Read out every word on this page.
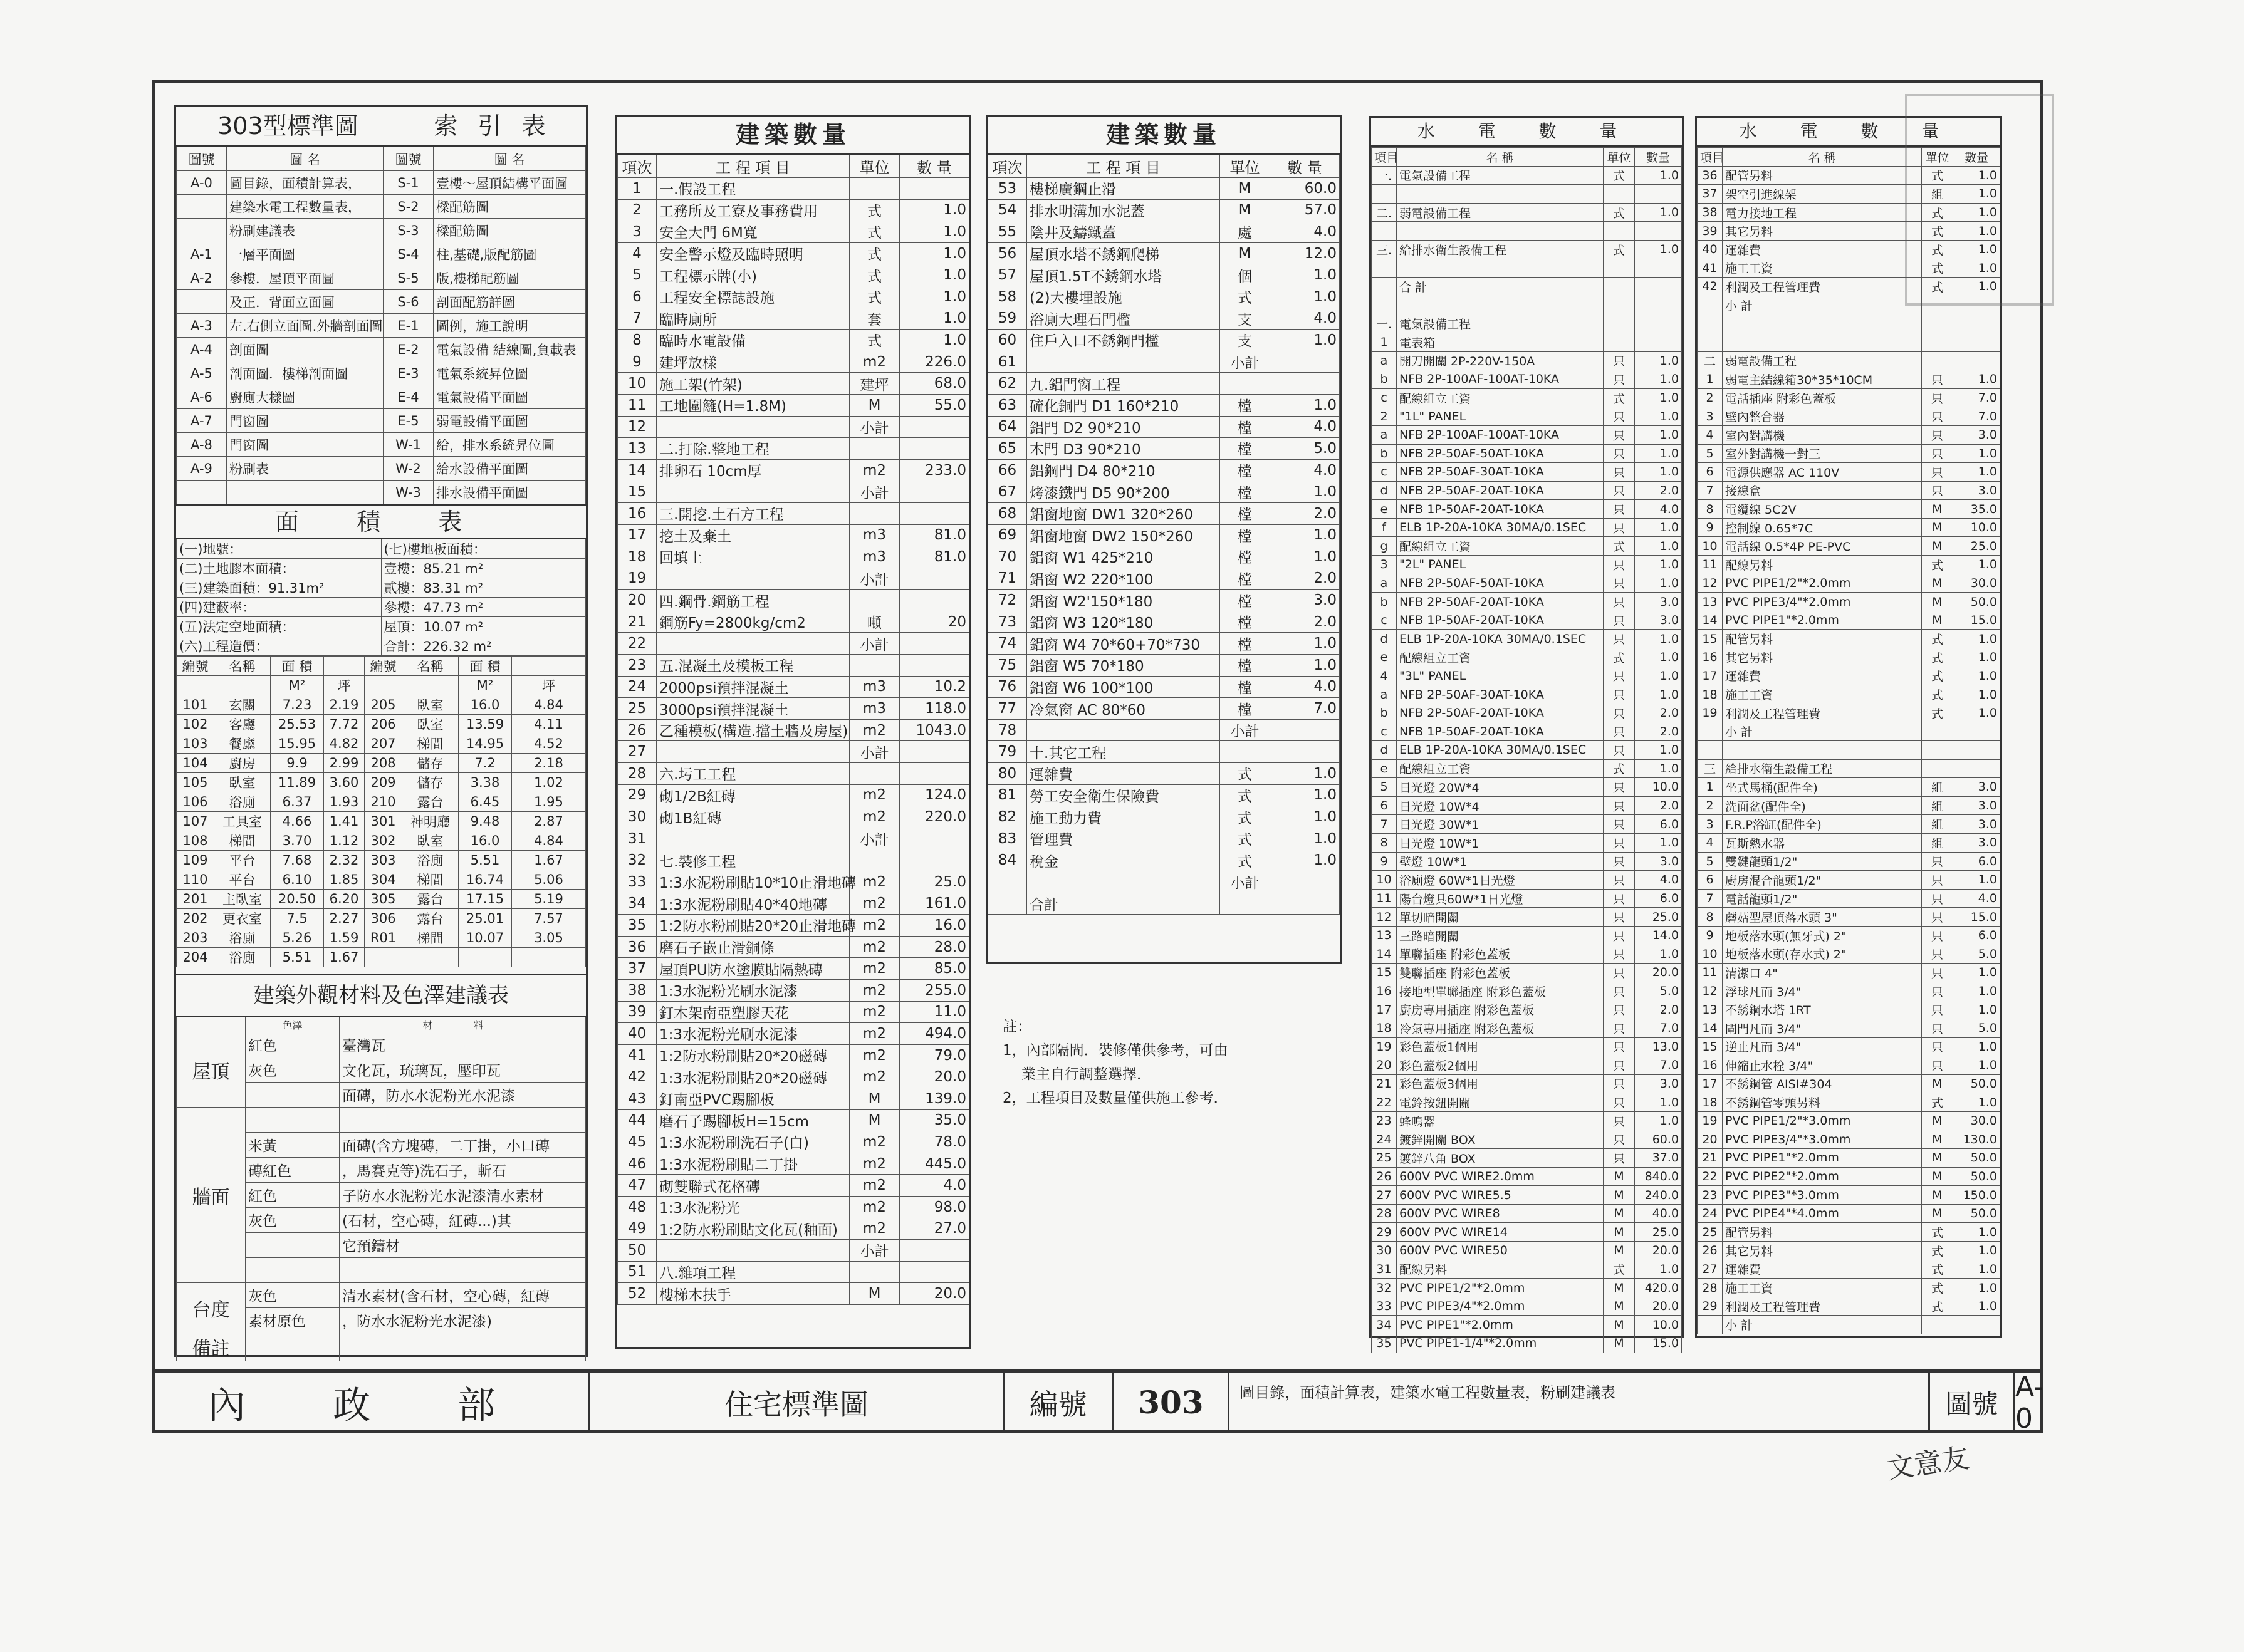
303型標準圖	索 引 表
圖號	圖 名	圖號	圖 名
A-0	圖目錄，面積計算表，	S-1	壹樓～屋頂結構平面圖
	建築水電工程數量表，	S-2	樑配筋圖
	粉刷建議表	S-3	樑配筋圖
A-1	一層平面圖	S-4	柱,基礎,版配筋圖
A-2	參樓．屋頂平面圖	S-5	版,樓梯配筋圖
	及正．背面立面圖	S-6	剖面配筋詳圖
A-3	左.右側立面圖.外牆剖面圖	E-1	圖例，施工說明
A-4	剖面圖	E-2	電氣設備 結線圖,負載表
A-5	剖面圖．樓梯剖面圖	E-3	電氣系統昇位圖
A-6	廚廁大樣圖	E-4	電氣設備平面圖
A-7	門窗圖	E-5	弱電設備平面圖
A-8	門窗圖	W-1	給，排水系統昇位圖
A-9	粉刷表	W-2	給水設備平面圖
		W-3	排水設備平面圖
面 積 表
(一)地號：	(七)樓地板面積：
(二)土地膠本面積：	壹樓：85.21 m²
(三)建築面積：91.31m²	貳樓：83.31 m²
(四)建蔽率：	參樓：47.73 m²
(五)法定空地面積：	屋頂：10.07 m²
(六)工程造價：	合計：226.32 m²
編號	名稱	面 積		編號	名稱	面 積	
		M²	坪			M²	坪
101	玄關	7.23	2.19	205	臥室	16.0	4.84
102	客廳	25.53	7.72	206	臥室	13.59	4.11
103	餐廳	15.95	4.82	207	梯間	14.95	4.52
104	廚房	9.9	2.99	208	儲存	7.2	2.18
105	臥室	11.89	3.60	209	儲存	3.38	1.02
106	浴廁	6.37	1.93	210	露台	6.45	1.95
107	工具室	4.66	1.41	301	神明廳	9.48	2.87
108	梯間	3.70	1.12	302	臥室	16.0	4.84
109	平台	7.68	2.32	303	浴廁	5.51	1.67
110	平台	6.10	1.85	304	梯間	16.74	5.06
201	主臥室	20.50	6.20	305	露台	17.15	5.19
202	更衣室	7.5	2.27	306	露台	25.01	7.57
203	浴廁	5.26	1.59	R01	梯間	10.07	3.05
204	浴廁	5.51	1.67				
建築外觀材料及色澤建議表
	色澤	材 料
屋頂	紅色	臺灣瓦
	灰色	文化瓦，琉璃瓦，壓印瓦
		面磚，防水水泥粉光水泥漆
牆面		
	米黃	面磚(含方塊磚，二丁掛，小口磚
	磚紅色	，馬賽克等)洗石子，斬石
	紅色	子防水水泥粉光水泥漆清水素材
	灰色	(石材，空心磚，紅磚...)其
		它預鑄材

台度	灰色	清水素材(含石材，空心磚，紅磚
	素材原色	，防水水泥粉光水泥漆)
備註		
建築數量
項次	工 程 項 目	單位	數 量
1	一.假設工程		
2	工務所及工寮及事務費用	式	1.0
3	安全大門 6M寬	式	1.0
4	安全警示燈及臨時照明	式	1.0
5	工程標示牌(小)	式	1.0
6	工程安全標誌設施	式	1.0
7	臨時廁所	套	1.0
8	臨時水電設備	式	1.0
9	建坪放樣	m2	226.0
10	施工架(竹架)	建坪	68.0
11	工地圍籬(H=1.8M)	M	55.0
12		小計	
13	二.打除.整地工程		
14	排卵石 10cm厚	m2	233.0
15		小計	
16	三.開挖.土石方工程		
17	挖土及棄土	m3	81.0
18	回填土	m3	81.0
19		小計	
20	四.鋼骨.鋼筋工程		
21	鋼筋Fy=2800kg/cm2	噸	20
22		小計	
23	五.混凝土及模板工程		
24	2000psi預拌混凝土	m3	10.2
25	3000psi預拌混凝土	m3	118.0
26	乙種模板(構造.擋土牆及房屋)	m2	1043.0
27		小計	
28	六.圬工工程		
29	砌1/2B紅磚	m2	124.0
30	砌1B紅磚	m2	220.0
31		小計	
32	七.裝修工程		
33	1:3水泥粉刷貼10*10止滑地磚	m2	25.0
34	1:3水泥粉刷貼40*40地磚	m2	161.0
35	1:2防水粉刷貼20*20止滑地磚	m2	16.0
36	磨石子嵌止滑銅條	m2	28.0
37	屋頂PU防水塗膜貼隔熱磚	m2	85.0
38	1:3水泥粉光刷水泥漆	m2	255.0
39	釘木架南亞塑膠天花	m2	11.0
40	1:3水泥粉光刷水泥漆	m2	494.0
41	1:2防水粉刷貼20*20磁磚	m2	79.0
42	1:3水泥粉刷貼20*20磁磚	m2	20.0
43	釘南亞PVC踢腳板	M	139.0
44	磨石子踢腳板H=15cm	M	35.0
45	1:3水泥粉刷洗石子(白)	m2	78.0
46	1:3水泥粉刷貼二丁掛	m2	445.0
47	砌雙聯式花格磚	m2	4.0
48	1:3水泥粉光	m2	98.0
49	1:2防水粉刷貼文化瓦(釉面)	m2	27.0
50		小計	
51	八.雜項工程		
52	樓梯木扶手	M	20.0
建築數量
項次	工 程 項 目	單位	數 量
53	樓梯廣鋼止滑	M	60.0
54	排水明溝加水泥蓋	M	57.0
55	陰井及鑄鐵蓋	處	4.0
56	屋頂水塔不銹鋼爬梯	M	12.0
57	屋頂1.5T不銹鋼水塔	個	1.0
58	(2)大樓埋設施	式	1.0
59	浴廁大理石門檻	支	4.0
60	住戶入口不銹鋼門檻	支	1.0
61		小計	
62	九.鋁門窗工程		
63	硫化銅門 D1 160*210	樘	1.0
64	鋁門 D2 90*210	樘	4.0
65	木門 D3 90*210	樘	5.0
66	鋁鋼門 D4 80*210	樘	4.0
67	烤漆鐵門 D5 90*200	樘	1.0
68	鋁窗地窗 DW1 320*260	樘	2.0
69	鋁窗地窗 DW2 150*260	樘	1.0
70	鋁窗 W1 425*210	樘	1.0
71	鋁窗 W2 220*100	樘	2.0
72	鋁窗 W2'150*180	樘	3.0
73	鋁窗 W3 120*180	樘	2.0
74	鋁窗 W4 70*60+70*730	樘	1.0
75	鋁窗 W5 70*180	樘	1.0
76	鋁窗 W6 100*100	樘	4.0
77	冷氣窗 AC 80*60	樘	7.0
78		小計	
79	十.其它工程		
80	運雜費	式	1.0
81	勞工安全衛生保險費	式	1.0
82	施工動力費	式	1.0
83	管理費	式	1.0
84	稅金	式	1.0
		小計	
	合計		
註：
1，內部隔間．裝修僅供參考，可由
業主自行調整選擇．
2，工程項目及數量僅供施工參考．
水 電 數 量
項目	名 稱	單位	數量
一.	電氣設備工程	式	1.0

二.	弱電設備工程	式	1.0

三.	給排水衛生設備工程	式	1.0

	合 計		

一.	電氣設備工程		
1	電表箱		
a	開刀開關 2P-220V-150A	只	1.0
b	NFB 2P-100AF-100AT-10KA	只	1.0
c	配線組立工資	式	1.0
2	"1L" PANEL	只	1.0
a	NFB 2P-100AF-100AT-10KA	只	1.0
b	NFB 2P-50AF-50AT-10KA	只	1.0
c	NFB 2P-50AF-30AT-10KA	只	1.0
d	NFB 2P-50AF-20AT-10KA	只	2.0
e	NFB 1P-50AF-20AT-10KA	只	4.0
f	ELB 1P-20A-10KA 30MA/0.1SEC	只	1.0
g	配線組立工資	式	1.0
3	"2L" PANEL	只	1.0
a	NFB 2P-50AF-50AT-10KA	只	1.0
b	NFB 2P-50AF-20AT-10KA	只	3.0
c	NFB 1P-50AF-20AT-10KA	只	3.0
d	ELB 1P-20A-10KA 30MA/0.1SEC	只	1.0
e	配線組立工資	式	1.0
4	"3L" PANEL	只	1.0
a	NFB 2P-50AF-30AT-10KA	只	1.0
b	NFB 2P-50AF-20AT-10KA	只	2.0
c	NFB 1P-50AF-20AT-10KA	只	2.0
d	ELB 1P-20A-10KA 30MA/0.1SEC	只	1.0
e	配線組立工資	式	1.0
5	日光燈 20W*4	只	10.0
6	日光燈 10W*4	只	2.0
7	日光燈 30W*1	只	6.0
8	日光燈 10W*1	只	1.0
9	壁燈 10W*1	只	3.0
10	浴廁燈 60W*1日光燈	只	4.0
11	陽台燈具60W*1日光燈	只	6.0
12	單切暗開關	只	25.0
13	三路暗開關	只	14.0
14	單聯插座 附彩色蓋板	只	1.0
15	雙聯插座 附彩色蓋板	只	20.0
16	接地型單聯插座 附彩色蓋板	只	5.0
17	廚房專用插座 附彩色蓋板	只	2.0
18	冷氣專用插座 附彩色蓋板	只	7.0
19	彩色蓋板1個用	只	13.0
20	彩色蓋板2個用	只	7.0
21	彩色蓋板3個用	只	3.0
22	電鈴按鈕開關	只	1.0
23	蜂鳴器	只	1.0
24	鍍鋅開關 BOX	只	60.0
25	鍍鋅八角 BOX	只	37.0
26	600V PVC WIRE2.0mm	M	840.0
27	600V PVC WIRE5.5	M	240.0
28	600V PVC WIRE8	M	40.0
29	600V PVC WIRE14	M	25.0
30	600V PVC WIRE50	M	20.0
31	配線另料	式	1.0
32	PVC PIPE1/2"*2.0mm	M	420.0
33	PVC PIPE3/4"*2.0mm	M	20.0
34	PVC PIPE1"*2.0mm	M	10.0
35	PVC PIPE1-1/4"*2.0mm	M	15.0
水 電 數 量
項目	名 稱	單位	數量
36	配管另料	式	1.0
37	架空引進線架	組	1.0
38	電力接地工程	式	1.0
39	其它另料	式	1.0
40	運雜費	式	1.0
41	施工工資	式	1.0
42	利潤及工程管理費	式	1.0
	小 計		

二	弱電設備工程		
1	弱電主結線箱30*35*10CM	只	1.0
2	電話插座 附彩色蓋板	只	7.0
3	壁內整合器	只	7.0
4	室內對講機	只	3.0
5	室外對講機一對三	只	1.0
6	電源供應器 AC 110V	只	1.0
7	接線盒	只	3.0
8	電纜線 5C2V	M	35.0
9	控制線 0.65*7C	M	10.0
10	電話線 0.5*4P PE-PVC	M	25.0
11	配線另料	式	1.0
12	PVC PIPE1/2"*2.0mm	M	30.0
13	PVC PIPE3/4"*2.0mm	M	50.0
14	PVC PIPE1"*2.0mm	M	15.0
15	配管另料	式	1.0
16	其它另料	式	1.0
17	運雜費	式	1.0
18	施工工資	式	1.0
19	利潤及工程管理費	式	1.0
	小 計		

三	給排水衛生設備工程		
1	坐式馬桶(配件全)	組	3.0
2	洗面盆(配件全)	組	3.0
3	F.R.P浴缸(配件全)	組	3.0
4	瓦斯熱水器	組	3.0
5	雙鍵龍頭1/2"	只	6.0
6	廚房混合龍頭1/2"	只	1.0
7	電話龍頭1/2"	只	4.0
8	蘑菇型屋頂落水頭 3"	只	15.0
9	地板落水頭(無牙式) 2"	只	6.0
10	地板落水頭(存水式) 2"	只	5.0
11	清潔口 4"	只	1.0
12	浮球凡而 3/4"	只	1.0
13	不銹鋼水塔 1RT	只	1.0
14	閘門凡而 3/4"	只	5.0
15	逆止凡而 3/4"	只	1.0
16	伸縮止水栓 3/4"	只	1.0
17	不銹鋼管 AISI#304	M	50.0
18	不銹鋼管零頭另料	式	1.0
19	PVC PIPE1/2"*3.0mm	M	30.0
20	PVC PIPE3/4"*3.0mm	M	130.0
21	PVC PIPE1"*2.0mm	M	50.0
22	PVC PIPE2"*2.0mm	M	50.0
23	PVC PIPE3"*3.0mm	M	150.0
24	PVC PIPE4"*4.0mm	M	50.0
25	配管另料	式	1.0
26	其它另料	式	1.0
27	運雜費	式	1.0
28	施工工資	式	1.0
29	利潤及工程管理費	式	1.0
	小 計		
內 政 部	住宅標準圖	編號	303	圖目錄，面積計算表，建築水電工程數量表，粉刷建議表	圖號
A-0
文意友
